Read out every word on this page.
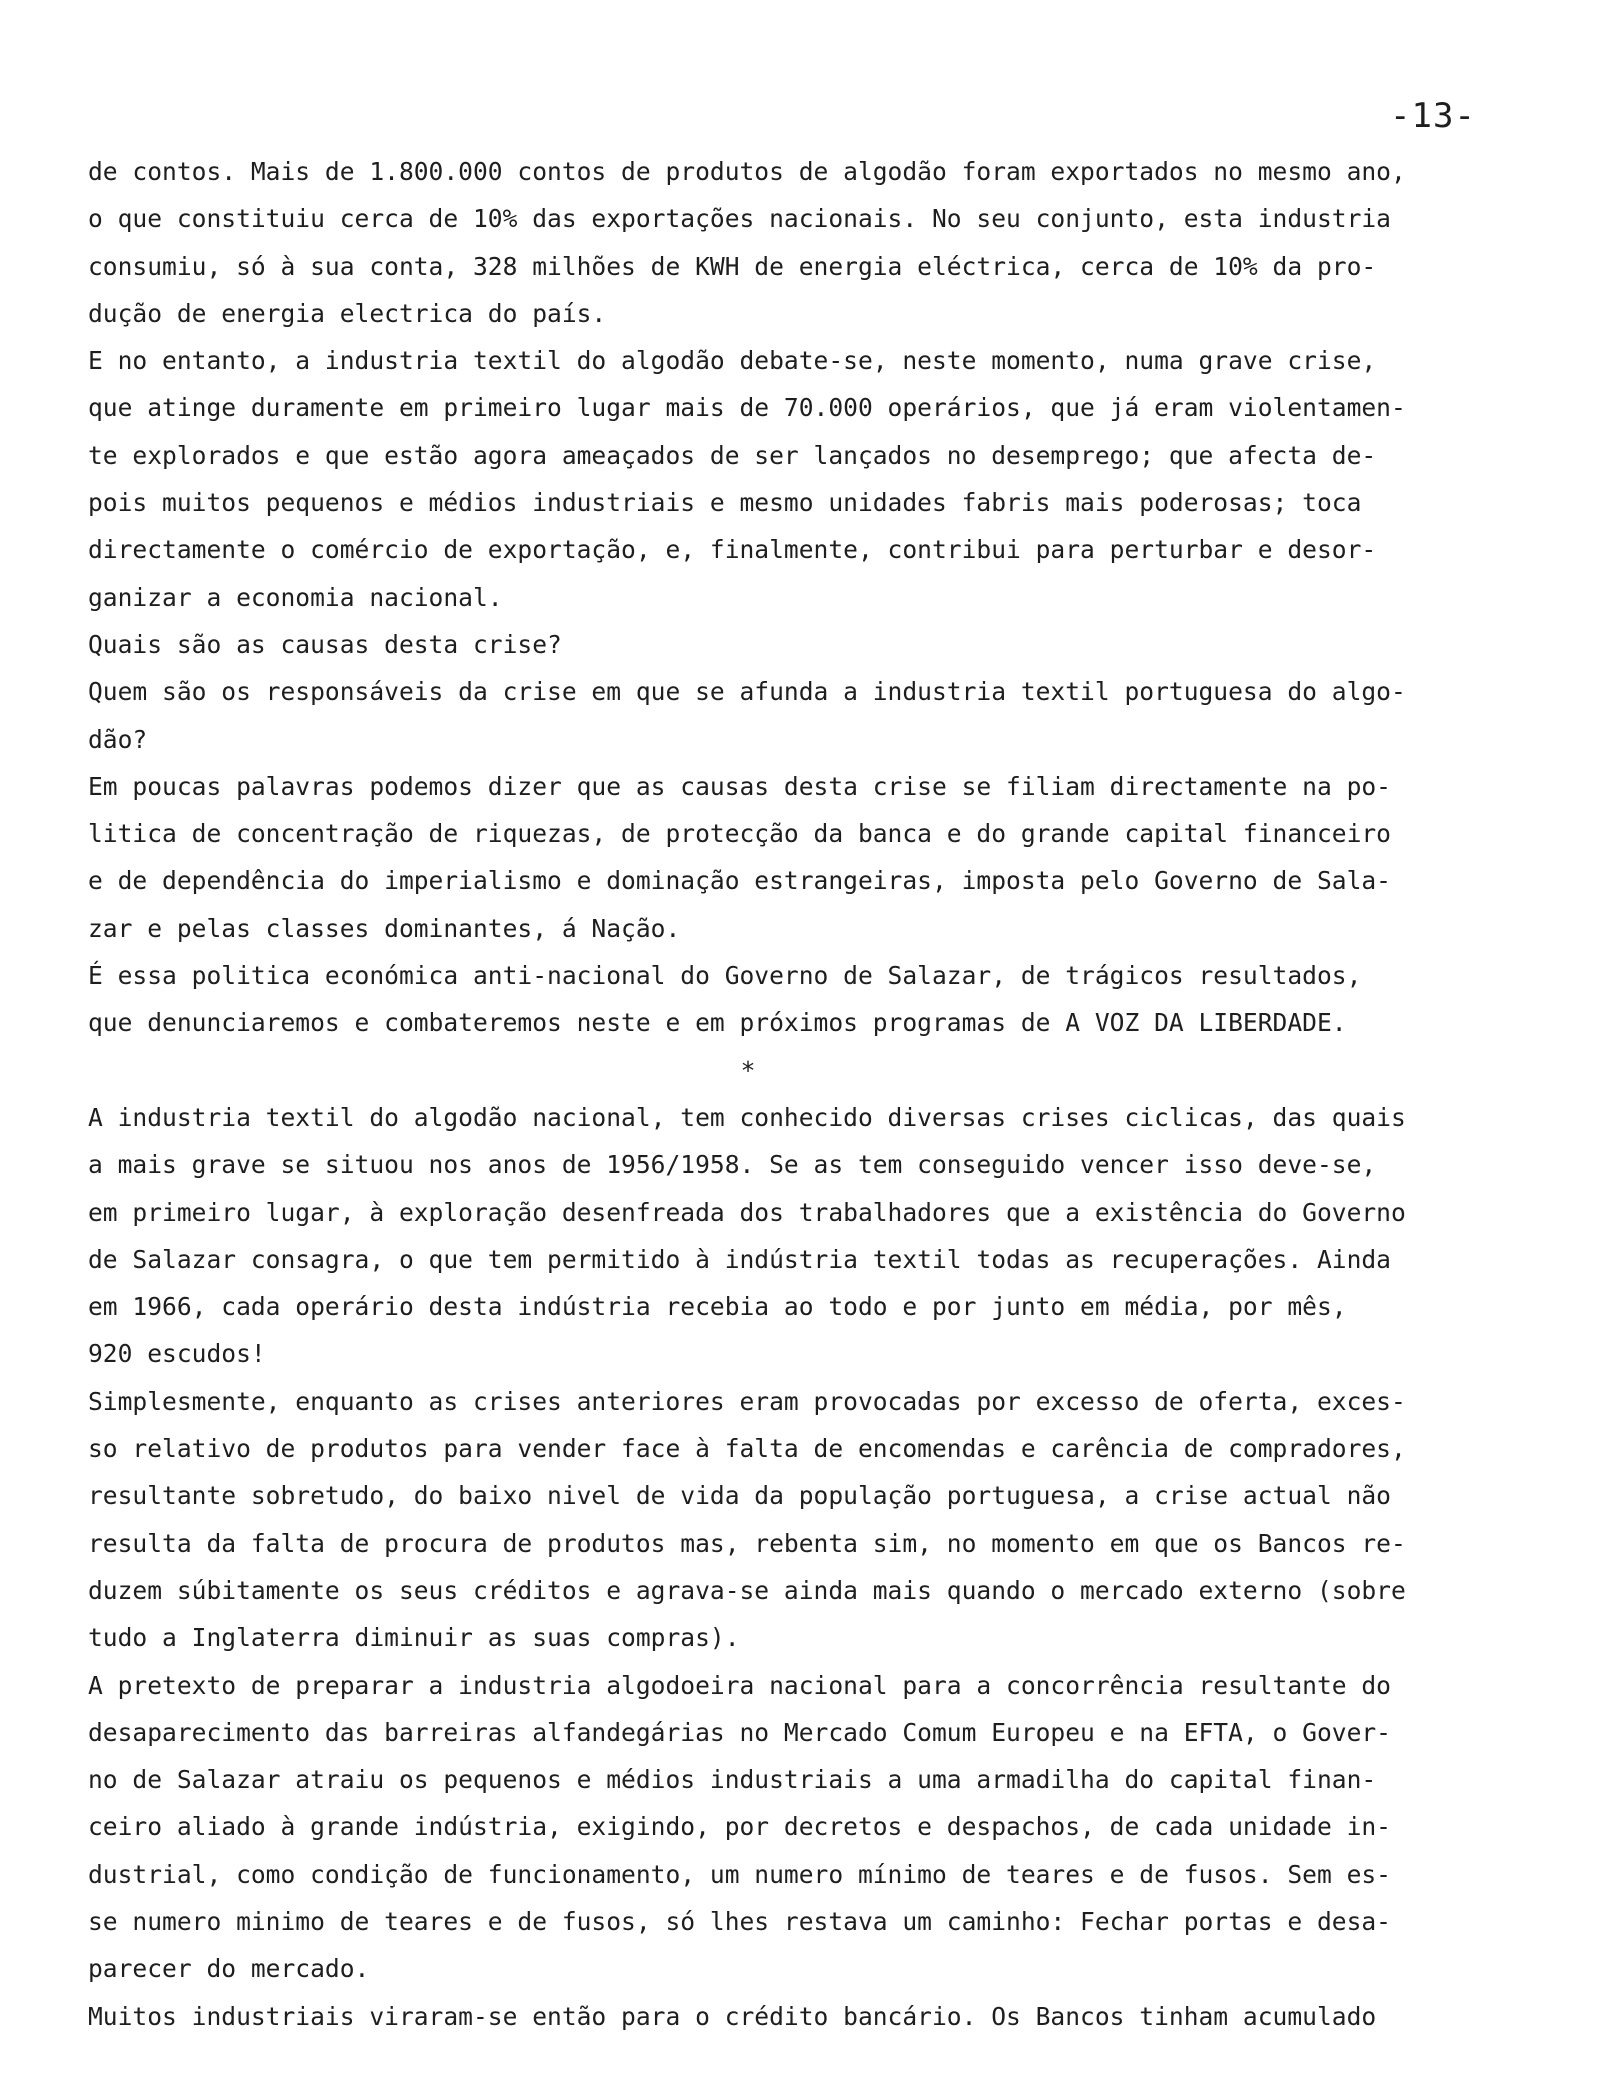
-13-
de contos. Mais de 1.800.000 contos de produtos de algodão foram exportados no mesmo ano,
o que constituiu cerca de 10% das exportações nacionais. No seu conjunto, esta industria
consumiu, só à sua conta, 328 milhões de KWH de energia eléctrica, cerca de 10% da pro-
dução de energia electrica do país.
E no entanto, a industria textil do algodão debate-se, neste momento, numa grave crise,
que atinge duramente em primeiro lugar mais de 70.000 operários, que já eram violentamen-
te explorados e que estão agora ameaçados de ser lançados no desemprego; que afecta de-
pois muitos pequenos e médios industriais e mesmo unidades fabris mais poderosas; toca
directamente o comércio de exportação, e, finalmente, contribui para perturbar e desor-
ganizar a economia nacional.
Quais são as causas desta crise?
Quem são os responsáveis da crise em que se afunda a industria textil portuguesa do algo-
dão?
Em poucas palavras podemos dizer que as causas desta crise se filiam directamente na po-
litica de concentração de riquezas, de protecção da banca e do grande capital financeiro
e de dependência do imperialismo e dominação estrangeiras, imposta pelo Governo de Sala-
zar e pelas classes dominantes, á Nação.
É essa politica económica anti-nacional do Governo de Salazar, de trágicos resultados,
que denunciaremos e combateremos neste e em próximos programas de A VOZ DA LIBERDADE.
*
A industria textil do algodão nacional, tem conhecido diversas crises ciclicas, das quais
a mais grave se situou nos anos de 1956/1958. Se as tem conseguido vencer isso deve-se,
em primeiro lugar, à exploração desenfreada dos trabalhadores que a existência do Governo
de Salazar consagra, o que tem permitido à indústria textil todas as recuperações. Ainda
em 1966, cada operário desta indústria recebia ao todo e por junto em média, por mês,
920 escudos!
Simplesmente, enquanto as crises anteriores eram provocadas por excesso de oferta, exces-
so relativo de produtos para vender face à falta de encomendas e carência de compradores,
resultante sobretudo, do baixo nivel de vida da população portuguesa, a crise actual não
resulta da falta de procura de produtos mas, rebenta sim, no momento em que os Bancos re-
duzem súbitamente os seus créditos e agrava-se ainda mais quando o mercado externo (sobre
tudo a Inglaterra diminuir as suas compras).
A pretexto de preparar a industria algodoeira nacional para a concorrência resultante do
desaparecimento das barreiras alfandegárias no Mercado Comum Europeu e na EFTA, o Gover-
no de Salazar atraiu os pequenos e médios industriais a uma armadilha do capital finan-
ceiro aliado à grande indústria, exigindo, por decretos e despachos, de cada unidade in-
dustrial, como condição de funcionamento, um numero mínimo de teares e de fusos. Sem es-
se numero minimo de teares e de fusos, só lhes restava um caminho: Fechar portas e desa-
parecer do mercado.
Muitos industriais viraram-se então para o crédito bancário. Os Bancos tinham acumulado
